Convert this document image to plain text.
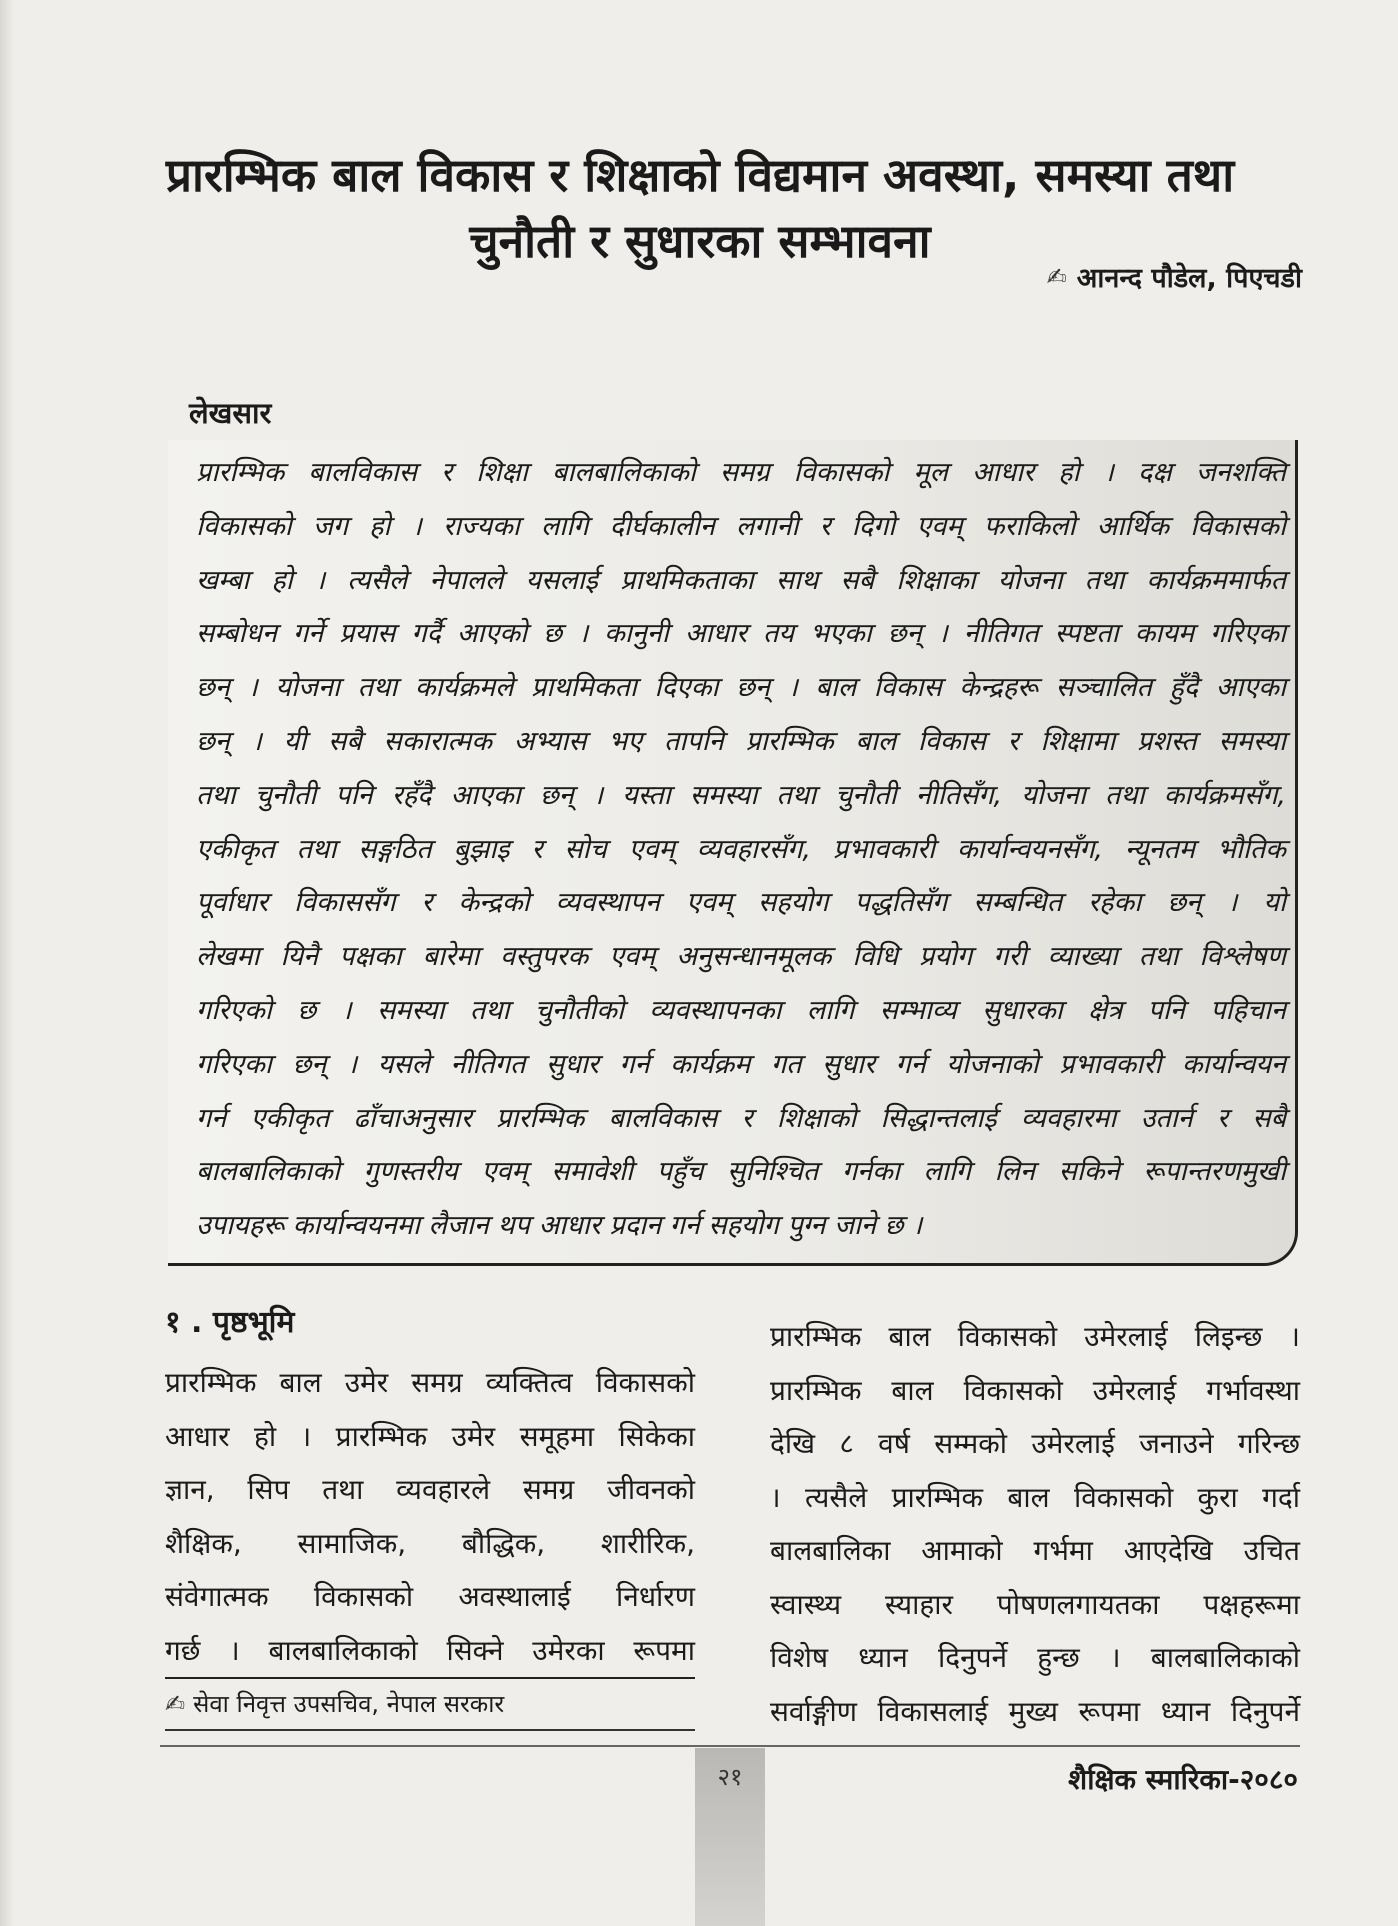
प्रारम्भिक बाल विकास र शिक्षाको विद्यमान अवस्था, समस्या तथा
चुनौती र सुधारका सम्भावना
✍ आनन्द पौडेल, पिएचडी
लेखसार
प्रारम्भिक बालविकास र शिक्षा बालबालिकाको समग्र विकासको मूल आधार हो । दक्ष जनशक्ति
विकासको जग हो । राज्यका लागि दीर्घकालीन लगानी र दिगो एवम् फराकिलो आर्थिक विकासको
खम्बा हो । त्यसैले नेपालले यसलाई प्राथमिकताका साथ सबै शिक्षाका योजना तथा कार्यक्रममार्फत
सम्बोधन गर्ने प्रयास गर्दै आएको छ । कानुनी आधार तय भएका छन् । नीतिगत स्पष्टता कायम गरिएका
छन् । योजना तथा कार्यक्रमले प्राथमिकता दिएका छन् । बाल विकास केन्द्रहरू सञ्चालित हुँदै आएका
छन् । यी सबै सकारात्मक अभ्यास भए तापनि प्रारम्भिक बाल विकास र शिक्षामा प्रशस्त समस्या
तथा चुनौती पनि रहँदै आएका छन् । यस्ता समस्या तथा चुनौती नीतिसँग, योजना तथा कार्यक्रमसँग,
एकीकृत तथा सङ्गठित बुझाइ र सोच एवम् व्यवहारसँग, प्रभावकारी कार्यान्वयनसँग, न्यूनतम भौतिक
पूर्वाधार विकाससँग र केन्द्रको व्यवस्थापन एवम् सहयोग पद्धतिसँग सम्बन्धित रहेका छन् । यो
लेखमा यिनै पक्षका बारेमा वस्तुपरक एवम् अनुसन्धानमूलक विधि प्रयोग गरी व्याख्या तथा विश्लेषण
गरिएको छ । समस्या तथा चुनौतीको व्यवस्थापनका लागि सम्भाव्य सुधारका क्षेत्र पनि पहिचान
गरिएका छन् । यसले नीतिगत सुधार गर्न कार्यक्रम गत सुधार गर्न योजनाको प्रभावकारी कार्यान्वयन
गर्न एकीकृत ढाँचाअनुसार प्रारम्भिक बालविकास र शिक्षाको सिद्धान्तलाई व्यवहारमा उतार्न र सबै
बालबालिकाको गुणस्तरीय एवम् समावेशी पहुँच सुनिश्चित गर्नका लागि लिन सकिने रूपान्तरणमुखी
उपायहरू कार्यान्वयनमा लैजान थप आधार प्रदान गर्न सहयोग पुग्न जाने छ ।
१ . पृष्ठभूमि
प्रारम्भिक बाल उमेर समग्र व्यक्तित्व विकासको
आधार हो । प्रारम्भिक उमेर समूहमा सिकेका
ज्ञान, सिप तथा व्यवहारले समग्र जीवनको
शैक्षिक, सामाजिक, बौद्धिक, शारीरिक,
संवेगात्मक विकासको अवस्थालाई निर्धारण
गर्छ । बालबालिकाको सिक्ने उमेरका रूपमा
✍ सेवा निवृत्त उपसचिव, नेपाल सरकार
प्रारम्भिक बाल विकासको उमेरलाई लिइन्छ ।
प्रारम्भिक बाल विकासको उमेरलाई गर्भावस्था
देखि ८ वर्ष सम्मको उमेरलाई जनाउने गरिन्छ
। त्यसैले प्रारम्भिक बाल विकासको कुरा गर्दा
बालबालिका आमाको गर्भमा आएदेखि उचित
स्वास्थ्य स्याहार पोषणलगायतका पक्षहरूमा
विशेष ध्यान दिनुपर्ने हुन्छ । बालबालिकाको
सर्वाङ्गीण विकासलाई मुख्य रूपमा ध्यान दिनुपर्ने
२१	शैक्षिक स्मारिका-२०८०
